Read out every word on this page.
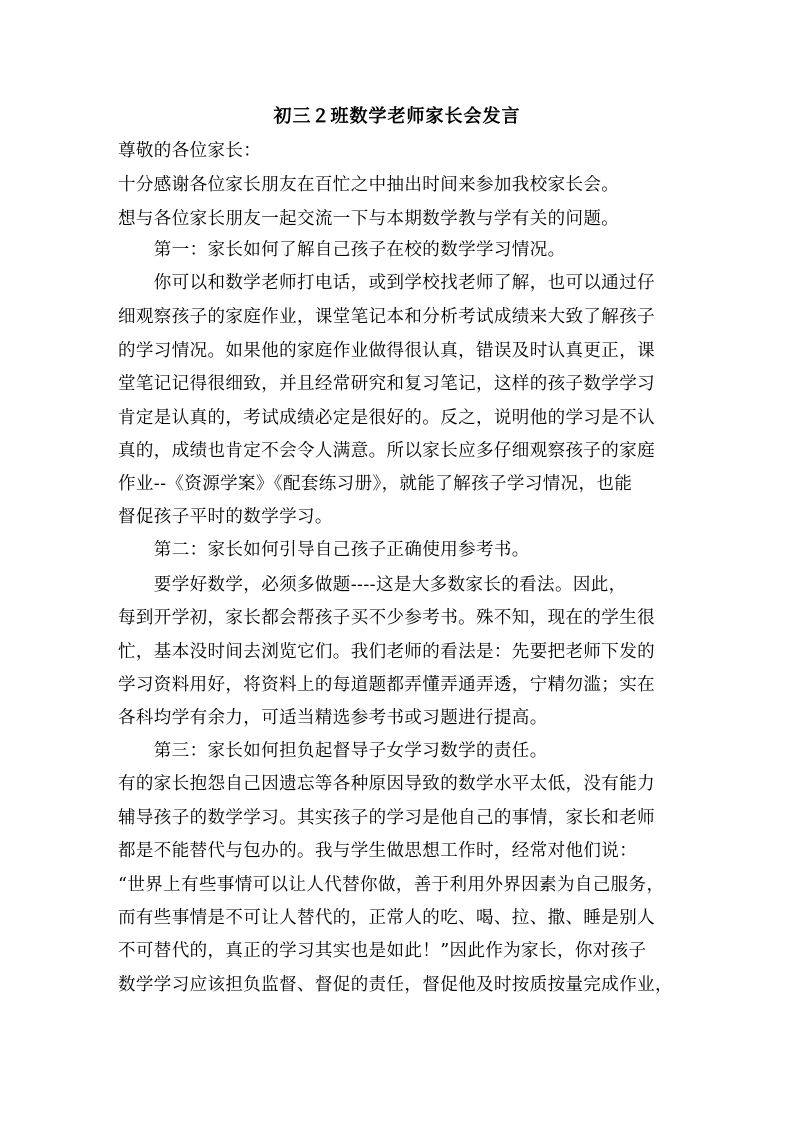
初三２班数学老师家长会发言
尊敬的各位家长：
十分感谢各位家长朋友在百忙之中抽出时间来参加我校家长会。
想与各位家长朋友一起交流一下与本期数学教与学有关的问题。
　　第一：家长如何了解自己孩子在校的数学学习情况。
　　你可以和数学老师打电话，或到学校找老师了解，也可以通过仔
细观察孩子的家庭作业，课堂笔记本和分析考试成绩来大致了解孩子
的学习情况。如果他的家庭作业做得很认真，错误及时认真更正，课
堂笔记记得很细致，并且经常研究和复习笔记，这样的孩子数学学习
肯定是认真的，考试成绩必定是很好的。反之，说明他的学习是不认
真的，成绩也肯定不会令人满意。所以家长应多仔细观察孩子的家庭
作业--《资源学案》《配套练习册》，就能了解孩子学习情况，也能
督促孩子平时的数学学习。
　　第二：家长如何引导自己孩子正确使用参考书。
　　要学好数学，必须多做题----这是大多数家长的看法。因此，
每到开学初，家长都会帮孩子买不少参考书。殊不知，现在的学生很
忙，基本没时间去浏览它们。我们老师的看法是：先要把老师下发的
学习资料用好，将资料上的每道题都弄懂弄通弄透，宁精勿滥；实在
各科均学有余力，可适当精选参考书或习题进行提高。
　　第三：家长如何担负起督导子女学习数学的责任。
有的家长抱怨自己因遗忘等各种原因导致的数学水平太低，没有能力
辅导孩子的数学学习。其实孩子的学习是他自己的事情，家长和老师
都是不能替代与包办的。我与学生做思想工作时，经常对他们说：
“世界上有些事情可以让人代替你做，善于利用外界因素为自己服务，
而有些事情是不可让人替代的，正常人的吃、喝、拉、撒、睡是别人
不可替代的，真正的学习其实也是如此！”因此作为家长，你对孩子
数学学习应该担负监督、督促的责任，督促他及时按质按量完成作业，
